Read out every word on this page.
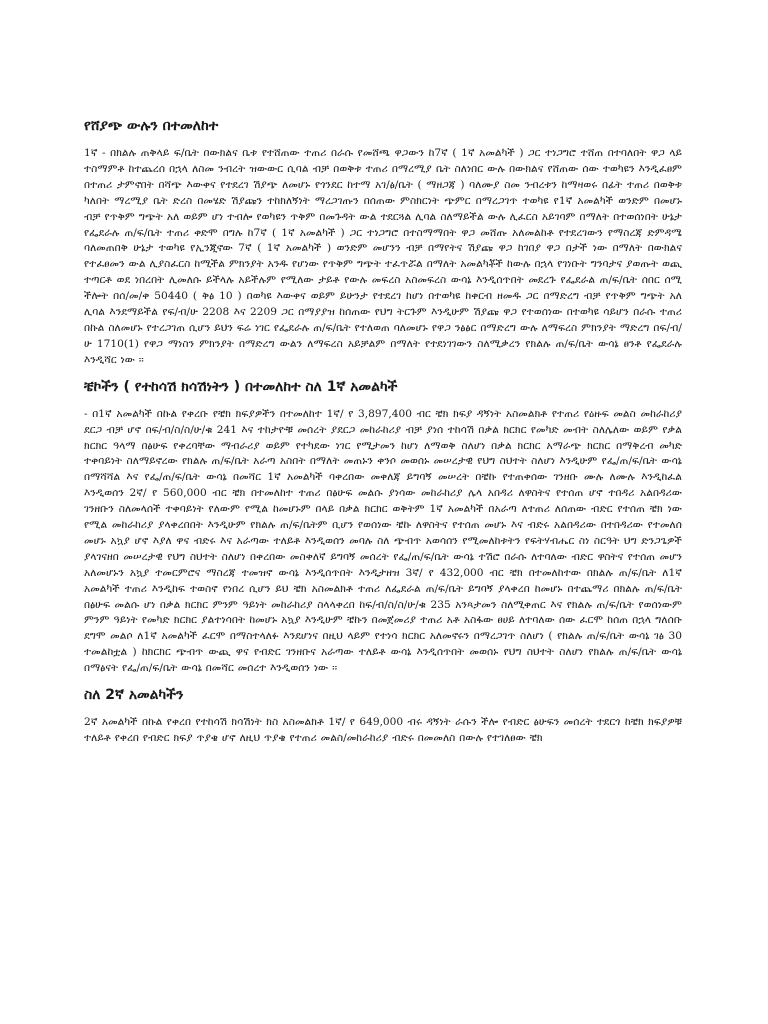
የሸያጭ ውሉን በተመለከተ

1ኛ - በክልሉ ጠቅላይ ፍ/ቤት በውክልና ቤቱ የተሸጠው ተጠሪ በራሱ የመሸጫ ዋጋውን ከ7ኛ ( 1ኛ አመልካች ) ጋር ተነጋግሮ ተሸጠ በተባለበት ዋጋ ላይ ተስማምቶ ከተጨረሰ በኋላ ለስመ ንብረት ዝውውር ሲባል ብቻ በወቅቱ ተጠሪ በማረሚያ ቤት ስለነበር ውሉ በውክልና የሸጠው ሰው ተወካዩን እንዲፈፀም በተጠሪ ታምኖበት በሻጭ እውቀና የተደረገ ሽያጭ ለመሆኑ የጎንደር ከተማ አገ/ፅ/ቤት ( ማዘጋጃ ) ባለሙያ ስመ ንብረቱን ከማዛወሩ በፊት ተጠሪ በወቅቱ ካለበት ማረሚያ ቤት ድረስ በመሄድ ሽያጩን ተከክለኝነት ማረጋገጡን በሰጠው ምስክርነት ጭምር በማረጋገጥ ተወካዩ የ1ኛ አመልካች ወንድም በመሆኑ ብቻ የጥቅም ግጭት አለ ወይም ሆነ ተብሎ የወካዩን ጥቅም በመጉዳት ውል ተደርጓል ሊባል ስለማይችል ውሉ ሊፈርስ አይገባም በማለት በተወሰነበት ሁኔታ የፌደራሉ ጠ/ፍ/ቤት ተጠሪ ቀድሞ በግሉ ከ7ኛ ( 1ኛ አመልካች ) ጋር ተነጋግሮ በተስማማበት ዋጋ መሸጡ አለመልከቶ የተደረገውን የማስረጃ ድምዳሜ ባለመጠበቅ ሁኔታ ተወካዩ የኢንጂኖው 7ኛ ( 1ኛ አመልካች ) ወንድም መሆንን ብቻ በማየትና ሽያጩ ዋጋ ከገበያ ዋጋ በታች ነው በማለት በውክልና የተፈፀመን ውል ሊያስፈርስ ከሚችል ምክንያት አንዱ የሆነው የጥቅም ግጭት ተፈጥሯል በማለት አመልካቾች ከውሉ በኋላ የገነቡት ግንባታና ያወጡት ወጪ ተጣርቶ ወደ ነበረበት ሊመለሱ ይችላሉ አይችሉም የሚለው ታይቶ የውሉ መፍረስ አስመፍረስ ውሳኔ እንዲሰጥበት መደረጉ የፌደራል ጠ/ፍ/ቤት ሰበር ሰሚ ችሎት በሰ/መ/ቀ 50440 ( ቅፅ 10 ) በወካዩ እውቀና ወይም ይሁንታ የተደረገ ከሆነ በተወካዩ ከቀርብ ዘመዱ ጋር በማድረግ ብቻ የጥቅም ግጭት አለ ሊባል እንደማይችል የፍ/ብ/ሁ 2208 እና 2209 ጋር በማያያዝ ከሰጠው የህግ ትርጉም እንዲሁም ሽያጩ ዋጋ የተወሰነው በተወካዩ ሳይሆን በራሱ ተጠሪ በኩል ስለመሆኑ የተረጋገጠ ሲሆን ይህን ፍሬ ነገር የፌደራሉ ጠ/ፍ/ቤት የተለወጠ ባለመሆኑ የዋጋ ንፅፅር በማድረግ ውሉ ለማፍረስ ምክንያት ማድረግ በፍ/ብ/ሁ 1710(1) የዋጋ ማነስን ምክንያት በማድረግ ውልን ለማፍረስ አይቻልም በማለት የተደነገገውን ስለሚቃረን የክልሉ ጠ/ፍ/ቤት ውሳኔ ፀንቶ የፌደራሉ እንዲሻር ነው ፡፡

ቼኮችን ( የተከሳሽ ክሳሽነትን ) በተመለከተ ስለ 1ኛ አመልካች

- በ1ኛ አመልካች በኩል የቀረቡ የቼክ ክፍያዎችን በተመለከተ 1ኛ/ የ 3,897,400 ብር ቼክ ክፍያ ዳኝነት አስመልክቶ የተጠሪ የዕዙፍ መልስ መከራከሪያ ደርጋ ብቻ ሆኖ በፍ/ብ/ስ/ስ/ሁ/ቁ 241 እና ተከታዮቹ መሰረት ያደርጋ መከራከሪያ ብቻ ያነሰ ተከሳሽ በቃል ክርክር የመካድ መብት ስለሌለው ወይም የቃል ክርክር ዓላማ በፅሁፍ የቀረባቸው ማብራሪያ ወይም የተካደው ነገር የሚታመን ከሆነ ለማወቅ ስለሆነ በቃል ክርክር አማራጭ ክርክር በማቅረብ መካድ ተቀባይነት ስለማይኖረው የክልሉ ጠ/ፍ/ቤት አራጣ አስበት በማለት መጠኑን ቀንሶ መወሰኑ መሠረታዊ የህግ ስህተት ስለሆነ እንዲሁም የፌ/ጠ/ፍ/ቤት ውሳኔ በማሻሻል እና የፌ/ጠ/ፍ/ቤት ውሳኔ በመሻር 1ኛ አመልካች ባቀረበው መቀለጃ ይግባኝ መሠረት በቼኩ የተጠቀሰው ገንዘቡ ሙሉ ለሙሉ እንዲከፈል እንዲወሰን 2ኛ/ የ 560,000 ብር ቼክ በተመለከተ ተጠሪ በፅሁፍ መልሱ ያነሳው መከራከሪያ ሌላ አበዳሪ ለዋስትና የተሰጠ ሆኖ ተበዳሪ አልበዳሪው ገንዘቡን ስለመላሰች ተቀባይነት የለውም የሚል ከመሆኑም በላይ በቃል ክርክር ወቅትም 1ኛ አመልካች በአራጣ ለተጠሪ ለሰጠው ብድር የተሰጠ ቼክ ነው የሚል መከራከሪያ ያላቀረበበት እንዲሁም የክልሉ ጠ/ፍ/ቤትም ቢሆን የወሰነው ቼኩ ለዋስትና የተሰጠ መሆኑ እና ብድሩ አልበዳሪው በተበዳሪው የተመለሰ መሆኑ አኳያ ሆኖ እያለ ዋና ብድሩ እና አራጣው ተለይቶ እንዲወሰን መባሉ ስለ ጭብጥ አወሳሰን የሚመለከቱትን የፍትሃብሔር ስነ ስርዓት ህግ ድንጋጌዎች ያላገናዘበ መሠረታዊ የህግ ስህተት ስለሆነ በቀረበው መስቀለኛ ይግባኝ መሰረት የፌ/ጠ/ፍ/ቤት ውሳኔ ተሽሮ በራሱ ለተባለው ብድር ዋስትና የተሰጠ መሆን አለመሆኑን አኳያ ተመርምሮና ማስረጃ ተመዝኖ ውሳኔ እንዲሰጥበት እንዲታዘዝ 3ኛ/ የ 432,000 ብር ቼክ በተመለከተው በክልሉ ጠ/ፍ/ቤት ለ1ኛ አመልካች ተጠሪ እንዲከፍ ተወስኖ የነበረ ሲሆን ይህ ቼክ አስመልክቶ ተጠሪ ለፌደራል ጠ/ፍ/ቤት ይግባኝ ያላቀረበ ከመሆኑ በተጨማሪ በክልሉ ጠ/ፍ/ቤት በፅሁፍ መልሱ ሆነ በቃል ክርክር ምንም ዓይነት መከራከሪያ ስላላቀረበ ከፍ/ብ/ስ/ስ/ሁ/ቁ 235 አንጻታመን ስለሚቀጠር እና የክልሉ ጠ/ፍ/ቤት የወሰነውም ምንም ዓይነት የመካድ ክርክር ያልተነሳበት ከመሆኑ አኳያ እንዲሁም ቼኩን በመጀመሪያ ተጠሪ አቶ አስፋው ፀሀይ ለተባለው ሰው ፈርሞ ከሰጠ በኋላ ግለሰቡ ደግሞ መልሶ ለ1ኛ አመልካች ፈርሞ በማስተላለፉ እንደሆነና በዚህ ላይም የተነሳ ክርክር አለመኖሩን በማረጋገጥ ስለሆነ ( የክልሉ ጠ/ፍ/ቤት ውሳኔ ገፅ 30 ተመልከቷል ) ከክርክር ጭብጥ ውጪ ዋና የብድር ገንዘቡና አራጣው ተለይቶ ውሳኔ እንዲሰጥበት መወሰኑ የህግ ስህተት ስለሆነ የክልሉ ጠ/ፍ/ቤት ውሳኔ በማፅናት የፌ/ጠ/ፍ/ቤት ውሳኔ በመሻር መሰረተ እንዲወሰን ነው ፡፡

ስለ 2ኛ አመልካችን

2ኛ አመልካች በኩል የቀረበ የተከሳሽ ክሳሽነት ክስ አስመልክቶ 1ኛ/ የ 649,000 ብሩ ዳኝነት ራሱን ችሎ የብድር ፅሁፍን መሰረት ተደርጎ ከቼክ ክፍያዎቹ ተለይቶ የቀረበ የብድር ክፍያ ጥያቄ ሆኖ ለዚህ ጥያቄ የተጠሪ መልስ/መከራከሪያ ብድሩ በመመለስ በውሉ የተገለፀው ቼክ
